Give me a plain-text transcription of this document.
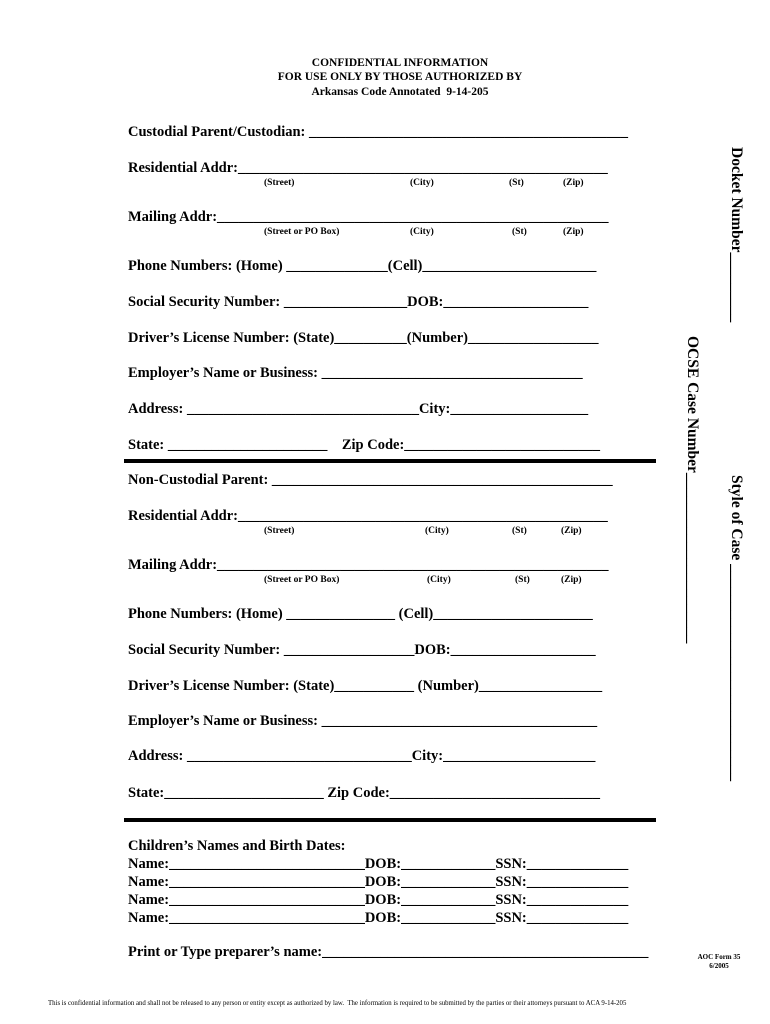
CONFIDENTIAL INFORMATION
FOR USE ONLY BY THOSE AUTHORIZED BY
Arkansas Code Annotated  9-14-205
Custodial Parent/Custodian: ____________________________________________
Residential Addr:___________________________________________________
(Street)	(City)	(St)	(Zip)
Mailing Addr:______________________________________________________
(Street or PO Box)	(City)	(St)	(Zip)
Phone Numbers: (Home) ______________(Cell)________________________
Social Security Number: _________________DOB:____________________
Driver’s License Number: (State)__________(Number)__________________
Employer’s Name or Business: ____________________________________
Address: ________________________________City:___________________
State: ______________________    Zip Code:___________________________
Non-Custodial Parent: _______________________________________________
Residential Addr:___________________________________________________
(Street)	(City)	(St)	(Zip)
Mailing Addr:______________________________________________________
(Street or PO Box)	(City)	(St)	(Zip)
Phone Numbers: (Home) _______________ (Cell)______________________
Social Security Number: __________________DOB:____________________
Driver’s License Number: (State)___________ (Number)_________________
Employer’s Name or Business: ______________________________________
Address: _______________________________City:_____________________
State:______________________ Zip Code:_____________________________
Children’s Names and Birth Dates:
Name:___________________________DOB:_____________SSN:______________
Name:___________________________DOB:_____________SSN:______________
Name:___________________________DOB:_____________SSN:______________
Name:___________________________DOB:_____________SSN:______________
Print or Type preparer’s name:_____________________________________________
Docket Number_________
Style of Case ____________________________
OCSE Case Number______________________
AOC Form 35
6/2005
This is confidential information and shall not be released to any person or entity except as authorized by law.  The information is required to be submitted by the parties or their attorneys pursuant to ACA 9-14-205
